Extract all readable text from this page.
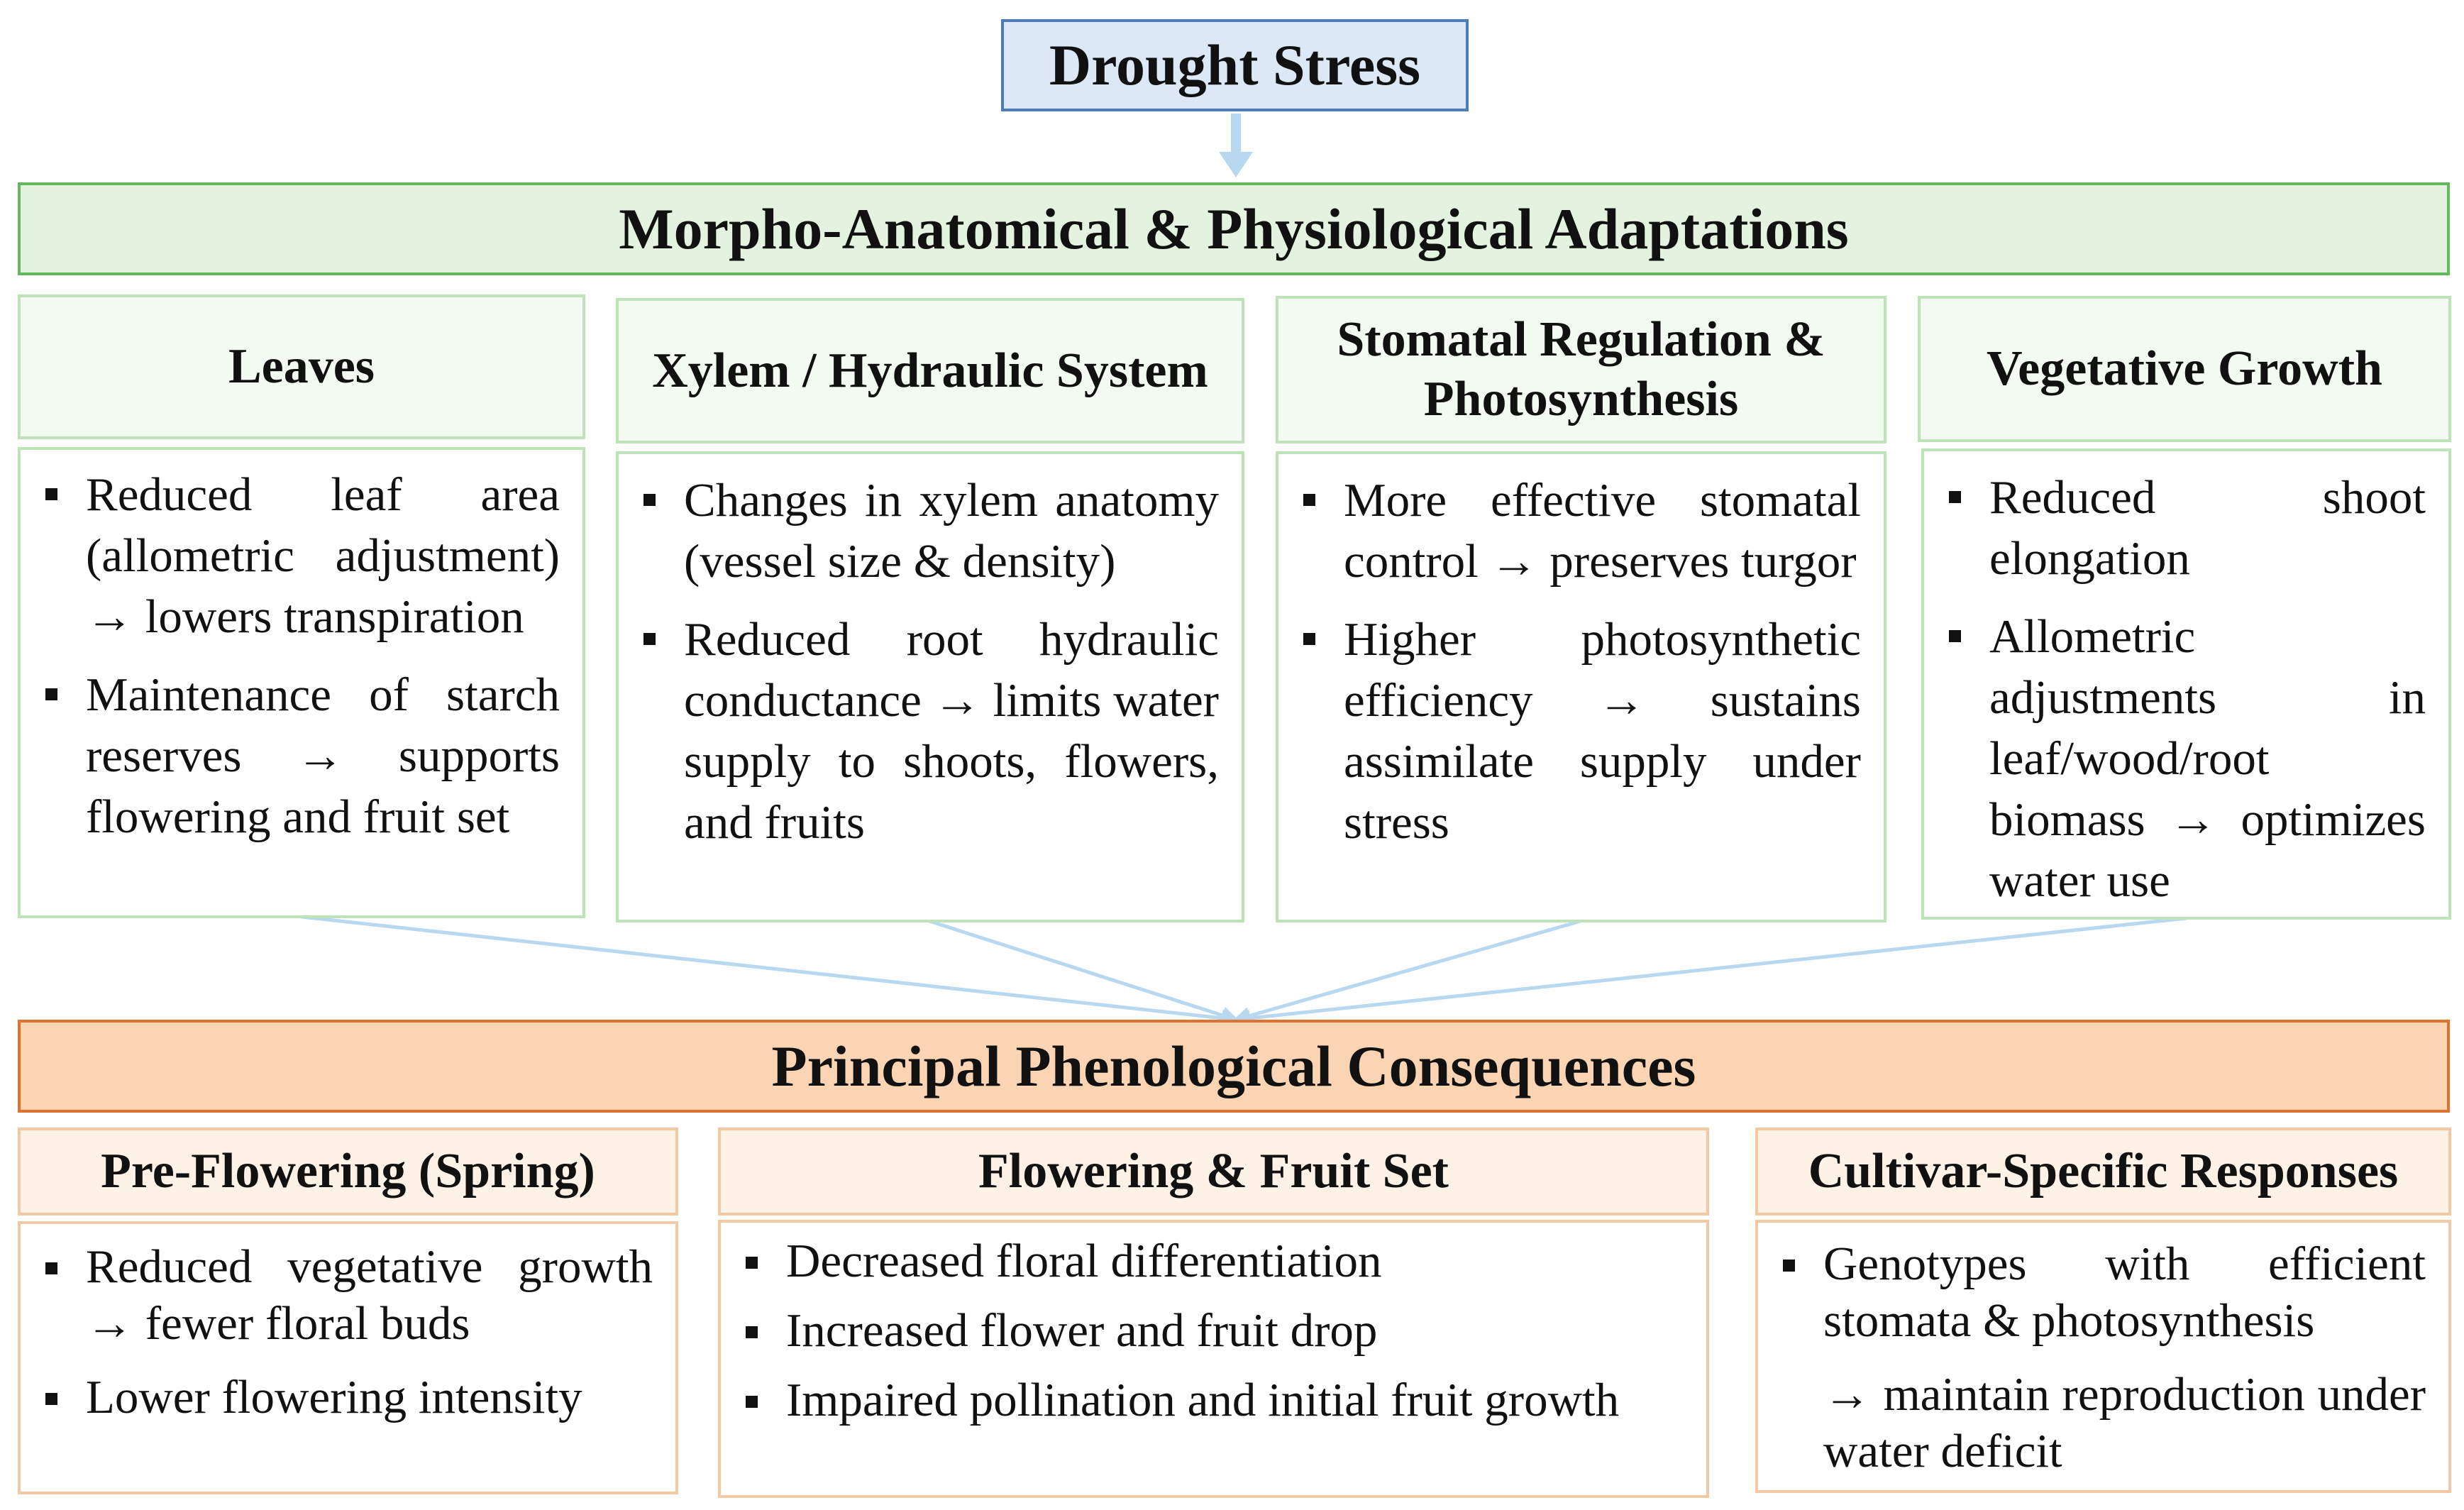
Drought Stress
Morpho-Anatomical & Physiological Adaptations
Leaves
Reduced leaf area (allometric adjustment) → lowers transpiration
Maintenance of starch reserves → supports flowering and fruit set
Xylem / Hydraulic System
Changes in xylem anatomy (vessel size & density)
Reduced root hydraulic conductance → limits water supply to shoots, flowers, and fruits
Stomatal Regulation & Photosynthesis
More effective stomatal control → preserves turgor
Higher photosynthetic efficiency → sustains assimilate supply under stress
Vegetative Growth
Reduced shoot elongation
Allometric adjustments in leaf/wood/root biomass → optimizes water use
Principal Phenological Consequences
Pre-Flowering (Spring)
Reduced vegetative growth → fewer floral buds
Lower flowering intensity
Flowering & Fruit Set
Decreased floral differentiation
Increased flower and fruit drop
Impaired pollination and initial fruit growth
Cultivar-Specific Responses
Genotypes with efficient stomata & photosynthesis
→ maintain reproduction under water deficit
